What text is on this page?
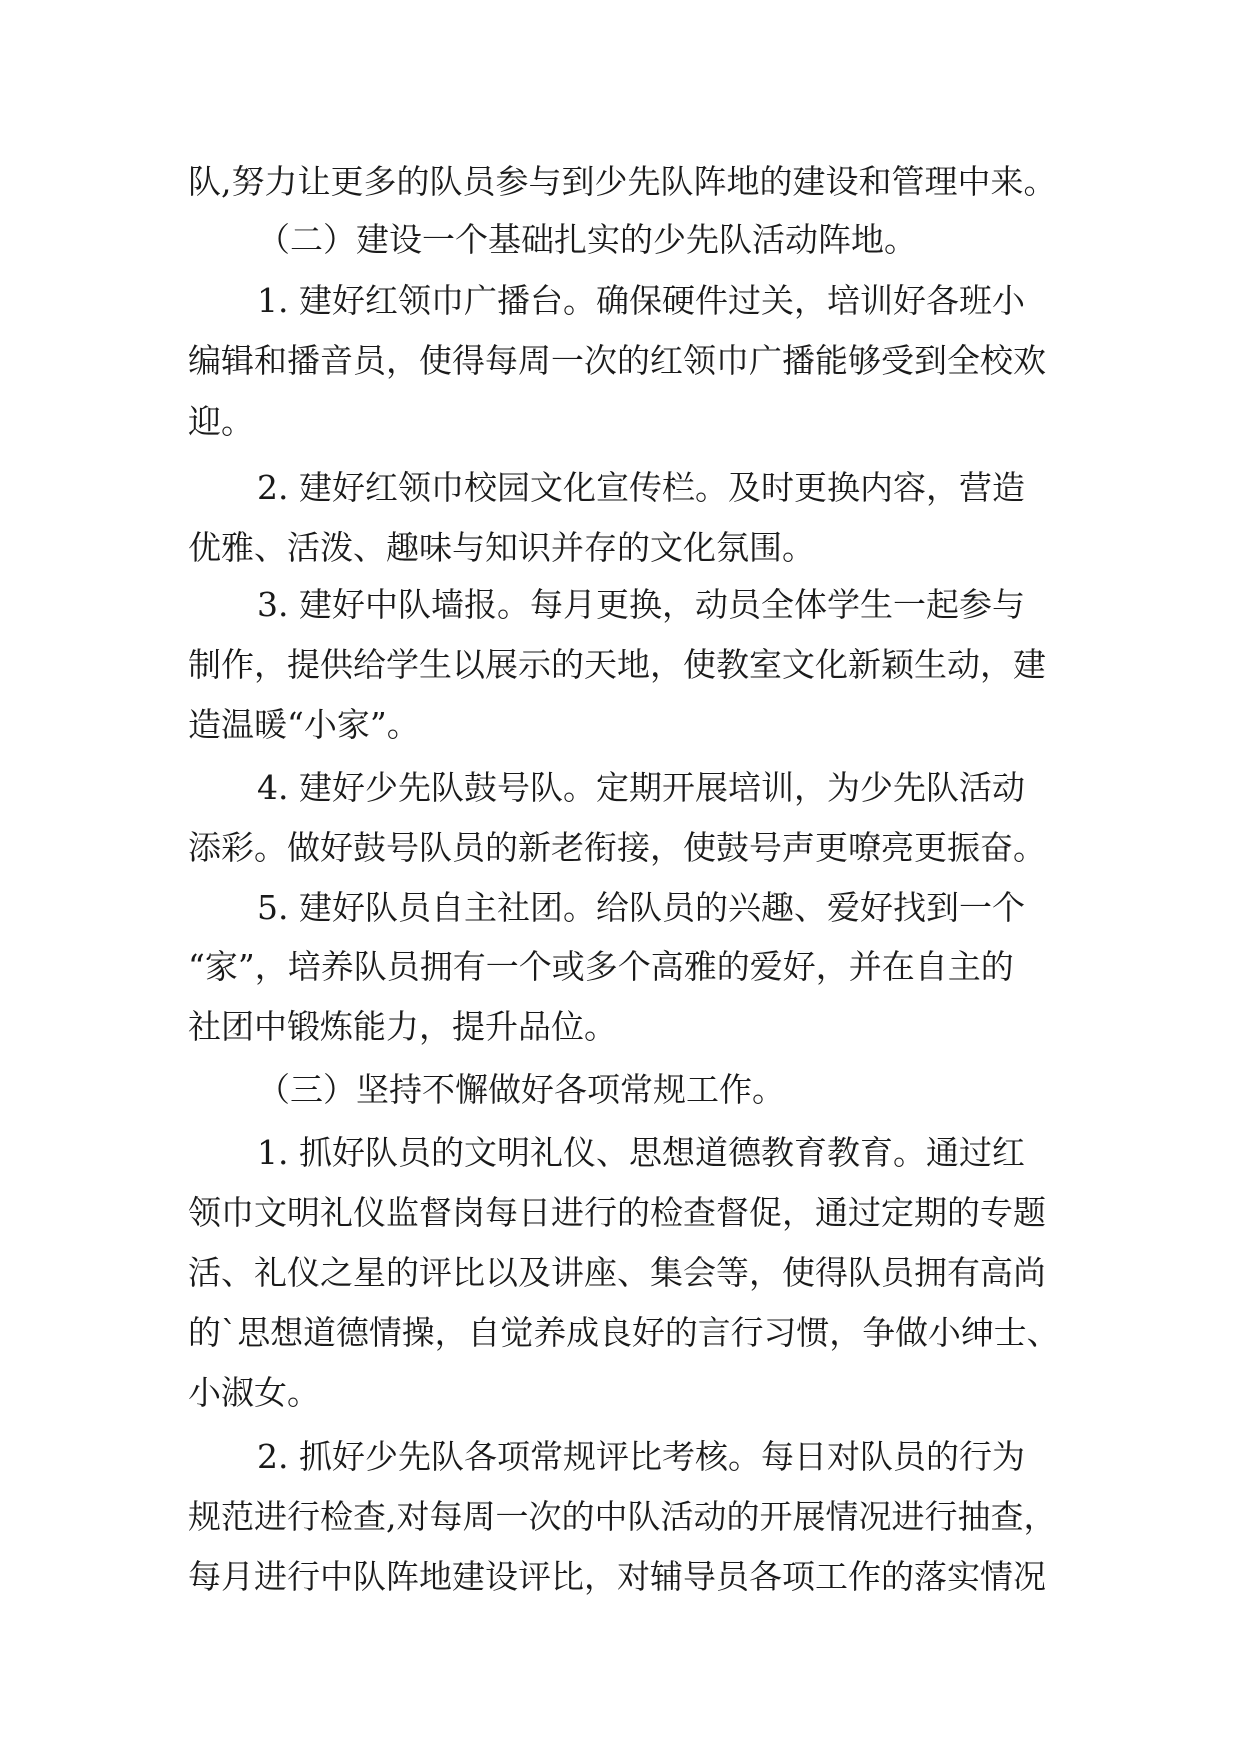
队,努力让更多的队员参与到少先队阵地的建设和管理中来。
（二）建设一个基础扎实的少先队活动阵地。
1. 建好红领巾广播台。确保硬件过关，培训好各班小
编辑和播音员，使得每周一次的红领巾广播能够受到全校欢
迎。
2. 建好红领巾校园文化宣传栏。及时更换内容，营造
优雅、活泼、趣味与知识并存的文化氛围。
3. 建好中队墙报。每月更换，动员全体学生一起参与
制作，提供给学生以展示的天地，使教室文化新颖生动，建
造温暖“小家”。
4. 建好少先队鼓号队。定期开展培训，为少先队活动
添彩。做好鼓号队员的新老衔接，使鼓号声更嘹亮更振奋。
5. 建好队员自主社团。给队员的兴趣、爱好找到一个
“家”，培养队员拥有一个或多个高雅的爱好，并在自主的
社团中锻炼能力，提升品位。
（三）坚持不懈做好各项常规工作。
1. 抓好队员的文明礼仪、思想道德教育教育。通过红
领巾文明礼仪监督岗每日进行的检查督促，通过定期的专题
活、礼仪之星的评比以及讲座、集会等，使得队员拥有高尚
的`思想道德情操，自觉养成良好的言行习惯，争做小绅士、
小淑女。
2. 抓好少先队各项常规评比考核。每日对队员的行为
规范进行检查,对每周一次的中队活动的开展情况进行抽查，
每月进行中队阵地建设评比，对辅导员各项工作的落实情况
